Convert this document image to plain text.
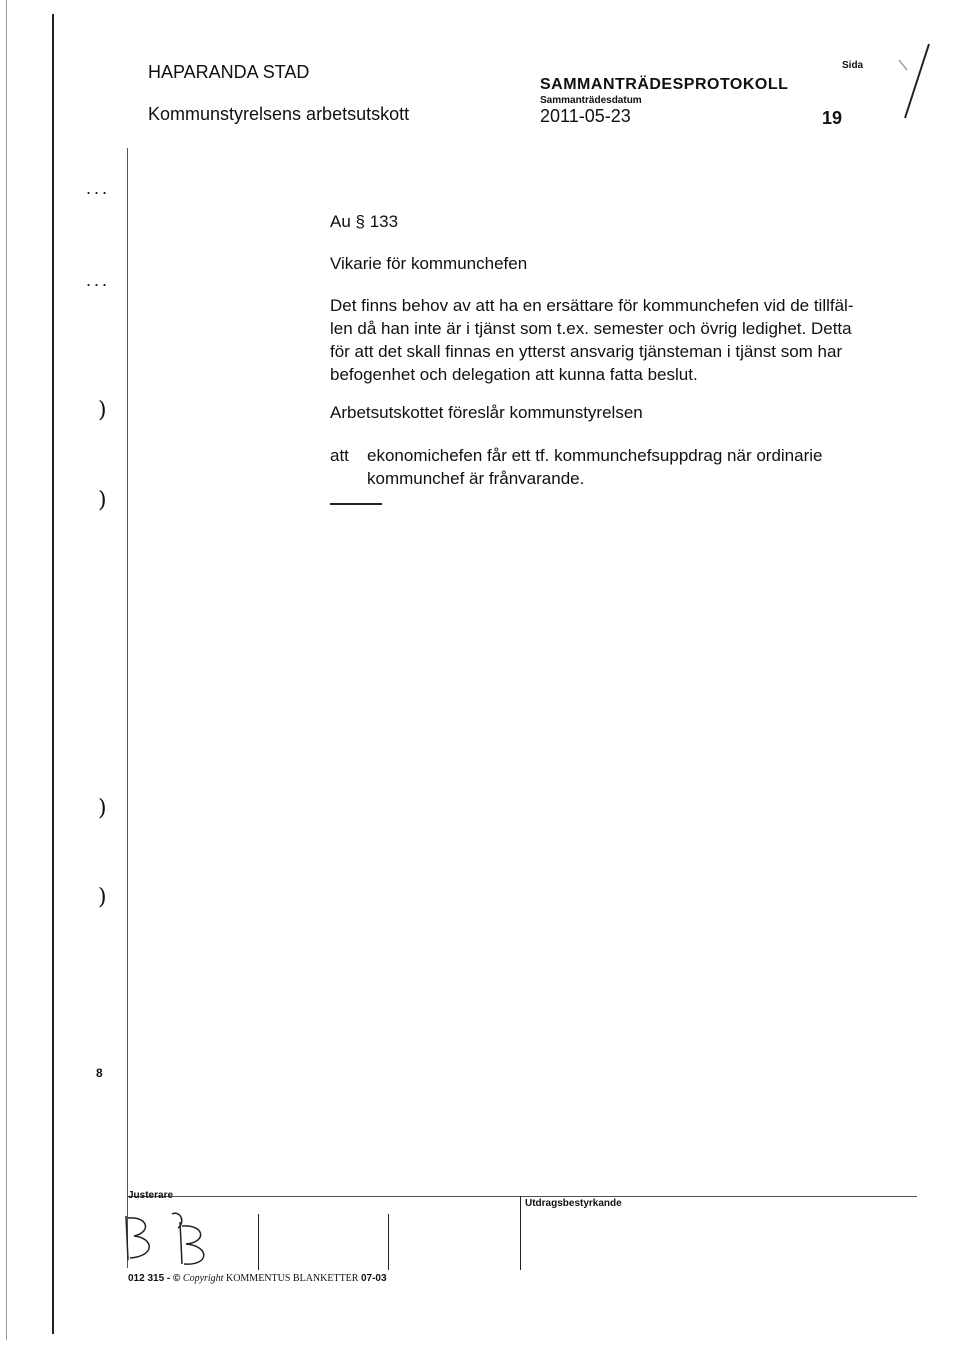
HAPARANDA STAD
Kommunstyrelsens arbetsutskott
SAMMANTRÄDESPROTOKOLL
Sammanträdesdatum
2011-05-23
Sida
19
...
...
)
)
)
)
8
Au § 133
Vikarie för kommunchefen
Det finns behov av att ha en ersättare för kommunchefen vid de tillfäl-
len då han inte är i tjänst som t.ex. semester och övrig ledighet. Detta
för att det skall finnas en ytterst ansvarig tjänsteman i tjänst som har
befogenhet och delegation att kunna fatta beslut.
Arbetsutskottet föreslår kommunstyrelsen
att ekonomichefen får ett tf. kommunchefsuppdrag när ordinarie
kommunchef är frånvarande.
Justerare
Utdragsbestyrkande
012 315 - © Copyright KOMMENTUS BLANKETTER 07-03
